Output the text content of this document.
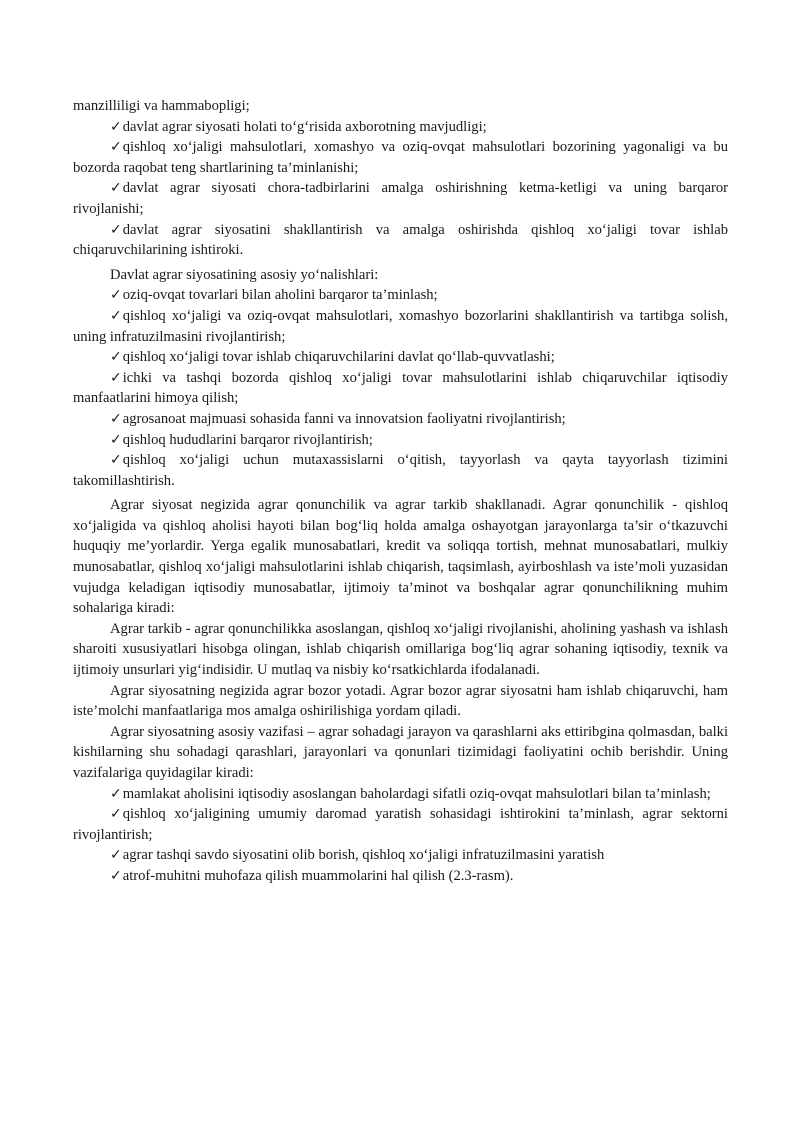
manzilliligi va hammabopligi;

✓davlat agrar siyosati holati to‘g‘risida axborotning mavjudligi;

✓qishloq xo‘jaligi mahsulotlari, xomashyo va oziq-ovqat mahsulotlari bozorining yagonaligi va bu bozorda raqobat teng shartlarining ta’minlanishi;

✓davlat agrar siyosati chora-tadbirlarini amalga oshirishning ketma-ketligi va uning barqaror rivojlanishi;

✓davlat agrar siyosatini shakllantirish va amalga oshirishda qishloq xo‘jaligi tovar ishlab chiqaruvchilarining ishtiroki.

Davlat agrar siyosatining asosiy yo‘nalishlari:

✓oziq-ovqat tovarlari bilan aholini barqaror ta’minlash;

✓qishloq xo‘jaligi va oziq-ovqat mahsulotlari, xomashyo bozorlarini shakllantirish va tartibga solish, uning infratuzilmasini rivojlantirish;

✓qishloq xo‘jaligi tovar ishlab chiqaruvchilarini davlat qo‘llab-quvvatlashi;

✓ichki va tashqi bozorda qishloq xo‘jaligi tovar mahsulotlarini ishlab chiqaruvchilar iqtisodiy manfaatlarini himoya qilish;

✓agrosanoat majmuasi sohasida fanni va innovatsion faoliyatni rivojlantirish;

✓qishloq hududlarini barqaror rivojlantirish;

✓qishloq xo‘jaligi uchun mutaxassislarni o‘qitish, tayyorlash va qayta tayyorlash tizimini takomillashtirish.

Agrar siyosat negizida agrar qonunchilik va agrar tarkib shakllanadi. Agrar qonunchilik - qishloq xo‘jaligida va qishloq aholisi hayoti bilan bog‘liq holda amalga oshayotgan jarayonlarga ta’sir o‘tkazuvchi huquqiy me’yorlardir. Yerga egalik munosabatlari, kredit va soliqqa tortish, mehnat munosabatlari, mulkiy munosabatlar, qishloq xo‘jaligi mahsulotlarini ishlab chiqarish, taqsimlash, ayirboshlash va iste’moli yuzasidan vujudga keladigan iqtisodiy munosabatlar, ijtimoiy ta’minot va boshqalar agrar qonunchilikning muhim sohalariga kiradi:

Agrar tarkib - agrar qonunchilikka asoslangan, qishloq xo‘jaligi rivojlanishi, aholining yashash va ishlash sharoiti xususiyatlari hisobga olingan, ishlab chiqarish omillariga bog‘liq agrar sohaning iqtisodiy, texnik va ijtimoiy unsurlari yig‘indisidir. U mutlaq va nisbiy ko‘rsatkichlarda ifodalanadi.

Agrar siyosatning negizida agrar bozor yotadi. Agrar bozor agrar siyosatni ham ishlab chiqaruvchi, ham iste’molchi manfaatlariga mos amalga oshirilishiga yordam qiladi.

Agrar siyosatning asosiy vazifasi – agrar sohadagi jarayon va qarashlarni aks ettiribgina qolmasdan, balki kishilarning shu sohadagi qarashlari, jarayonlari va qonunlari tizimidagi faoliyatini ochib berishdir. Uning vazifalariga quyidagilar kiradi:

✓mamlakat aholisini iqtisodiy asoslangan baholardagi sifatli oziq-ovqat mahsulotlari bilan ta’minlash;

✓qishloq xo‘jaligining umumiy daromad yaratish sohasidagi ishtirokini ta’minlash, agrar sektorni rivojlantirish;

✓agrar tashqi savdo siyosatini olib borish, qishloq xo‘jaligi infratuzilmasini yaratish

✓atrof-muhitni muhofaza qilish muammolarini hal qilish (2.3-rasm).
